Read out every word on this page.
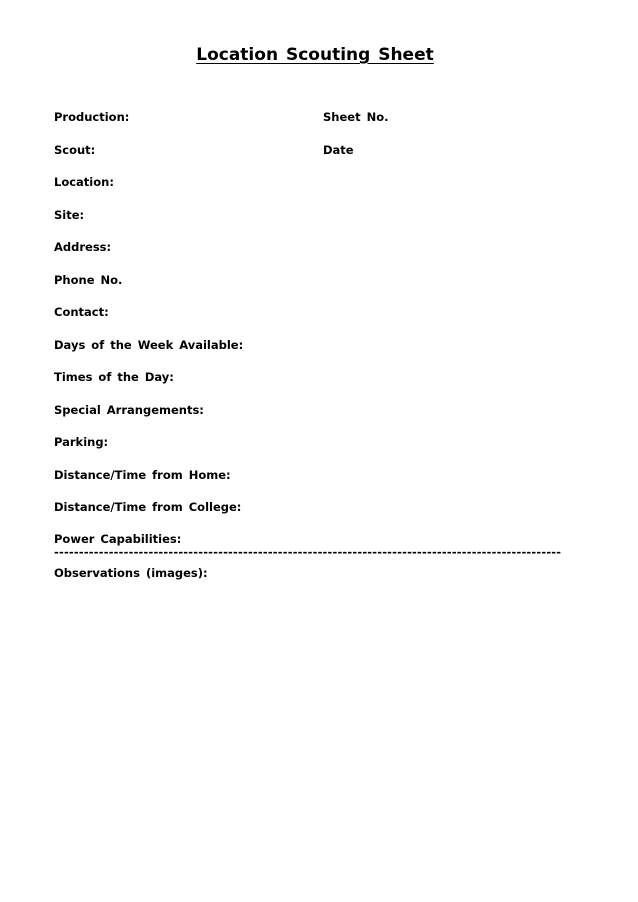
Location Scouting Sheet
Production:	Sheet No.
Scout:	Date
Location:
Site:
Address:
Phone No.
Contact:
Days of the Week Available:
Times of the Day:
Special Arrangements:
Parking:
Distance/Time from Home:
Distance/Time from College:
Power Capabilities:
------------------------------------------------------------------------------------------------------
Observations (images):
